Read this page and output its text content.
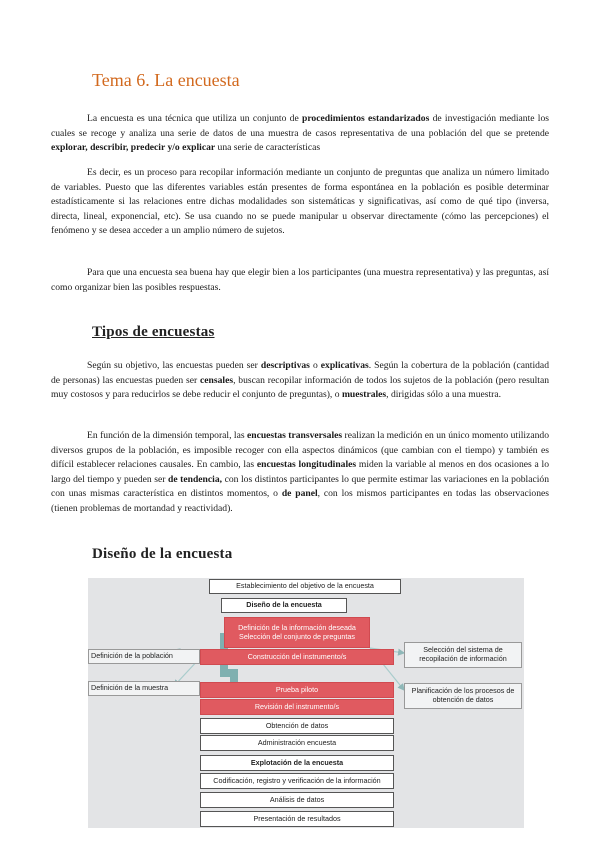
Tema 6. La encuesta

La encuesta es una técnica que utiliza un conjunto de procedimientos estandarizados de investigación mediante los cuales se recoge y analiza una serie de datos de una muestra de casos representativa de una población del que se pretende explorar, describir, predecir y/o explicar una serie de características

Es decir, es un proceso para recopilar información mediante un conjunto de preguntas que analiza un número limitado de variables. Puesto que las diferentes variables están presentes de forma espontánea en la población es posible determinar estadísticamente si las relaciones entre dichas modalidades son sistemáticas y significativas, así como de qué tipo (inversa, directa, lineal, exponencial, etc). Se usa cuando no se puede manipular u observar directamente (cómo las percepciones) el fenómeno y se desea acceder a un amplio número de sujetos.

Para que una encuesta sea buena hay que elegir bien a los participantes (una muestra representativa) y las preguntas, así como organizar bien las posibles respuestas.

Tipos de encuestas

Según su objetivo, las encuestas pueden ser descriptivas o explicativas. Según la cobertura de la población (cantidad de personas) las encuestas pueden ser censales, buscan recopilar información de todos los sujetos de la población (pero resultan muy costosos y para reducirlos se debe reducir el conjunto de preguntas), o muestrales, dirigidas sólo a una muestra.

En función de la dimensión temporal, las encuestas transversales realizan la medición en un único momento utilizando diversos grupos de la población, es imposible recoger con ella aspectos dinámicos (que cambian con el tiempo) y también es difícil establecer relaciones causales. En cambio, las encuestas longitudinales miden la variable al menos en dos ocasiones a lo largo del tiempo y pueden ser de tendencia, con los distintos participantes lo que permite estimar las variaciones en la población con unas mismas característica en distintos momentos, o de panel, con los mismos participantes en todas las observaciones (tienen problemas de mortandad y reactividad).

Diseño de la encuesta
Establecimiento del objetivo de la encuesta
Diseño de la encuesta
Definición de la información deseada
Selección del conjunto de preguntas
Construcción del instrumento/s
Definición de la población
Definición de la muestra
Selección del sistema de recopilación de información
Planificación de los procesos de obtención de datos
Prueba piloto
Revisión del instrumento/s
Obtención de datos
Administración encuesta
Explotación de la encuesta
Codificación, registro y verificación de la información
Análisis de datos
Presentación de resultados
